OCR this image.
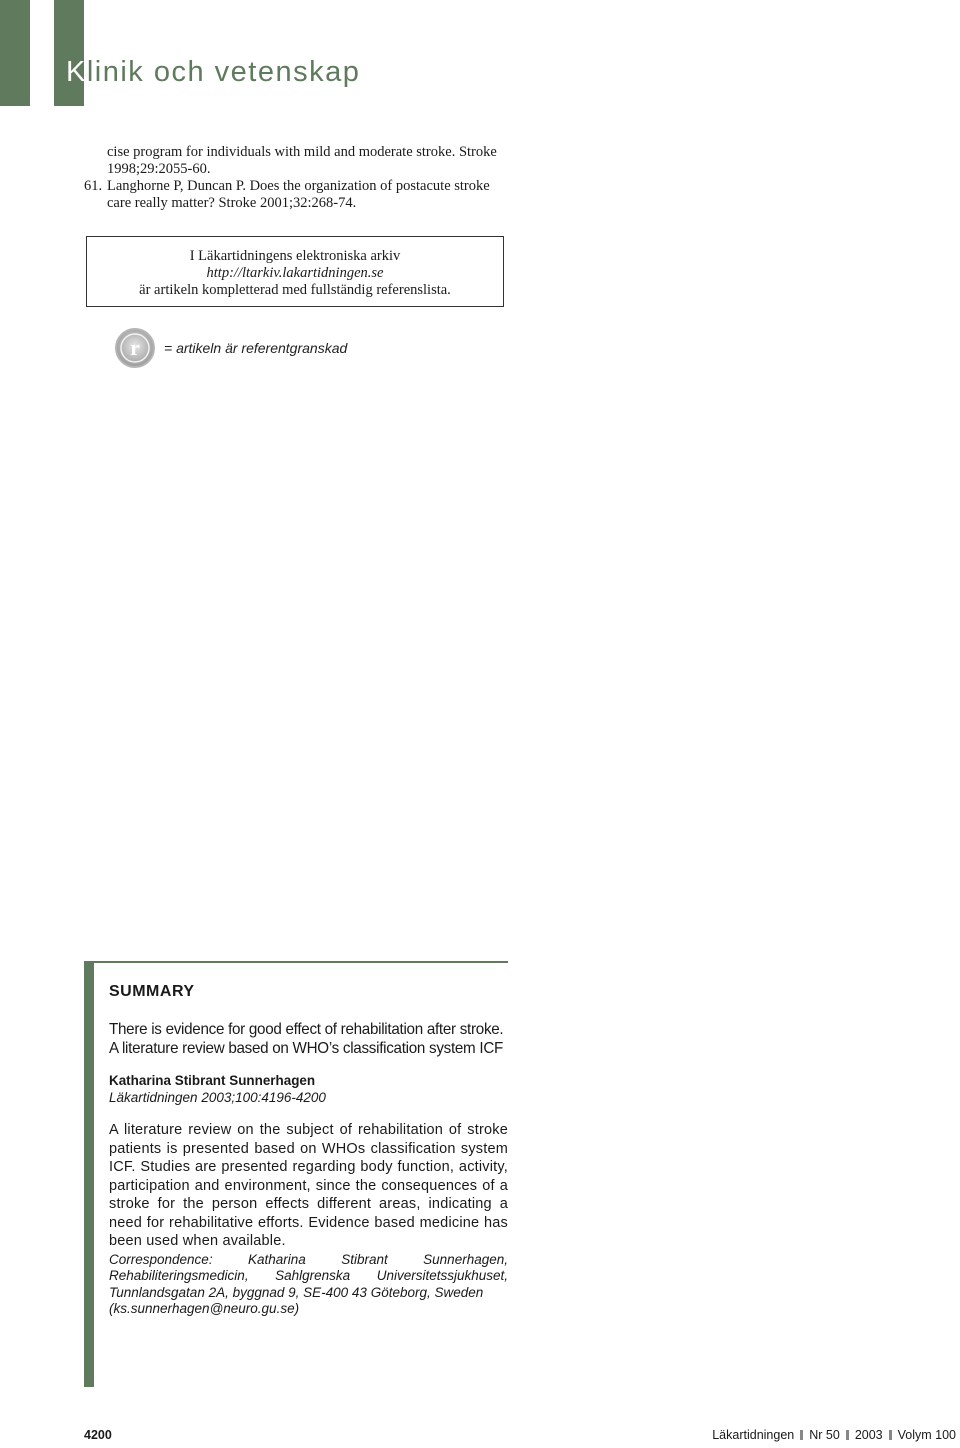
Klinik och vetenskap

cise program for individuals with mild and moderate stroke. Stroke
1998;29:2055-60.

61. Langhorne P, Duncan P. Does the organization of postacute stroke
care really matter? Stroke 2001;32:268-74.

I Läkartidningens elektroniska arkiv

http://ltarkiv.lakartidningen.se

är artikeln kompletterad med fullständig referenslista.

r = artikeln är referentgranskad

SUMMARY

There is evidence for good effect of rehabilitation after stroke. A literature review based on WHO’s classification system ICF

Katharina Stibrant Sunnerhagen

Läkartidningen 2003;100:4196-4200

A literature review on the subject of rehabilitation of stroke patients is presented based on WHOs classification system ICF. Studies are presented regarding body function, activity, participation and environment, since the consequences of a stroke for the person effects different areas, indicating a need for rehabilitative efforts. Evidence based medicine has been used when available.

Correspondence: Katharina Stibrant Sunnerhagen, Rehabiliteringsmedicin, Sahlgrenska Universitetssjukhuset, Tunnlandsgatan 2A, byggnad 9, SE-400 43 Göteborg, Sweden

(ks.sunnerhagen@neuro.gu.se)

4200	Läkartidningen Nr 50 2003 Volym 100
